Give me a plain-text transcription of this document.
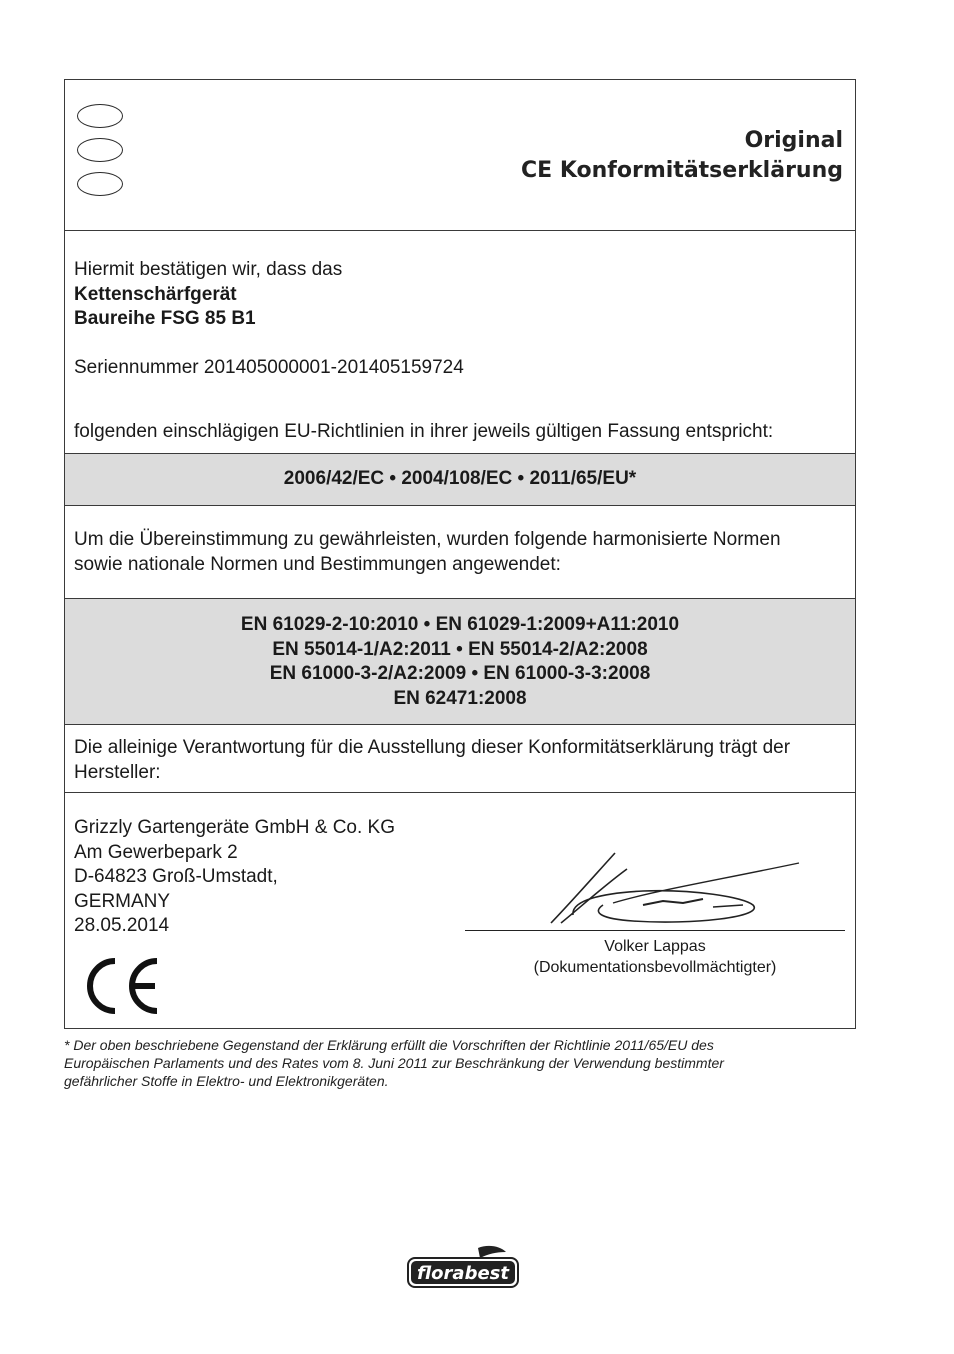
Original
CE Konformitätserklärung
Hiermit bestätigen wir, dass das
Kettenschärfgerät
Baureihe FSG 85 B1
Seriennummer 201405000001-201405159724
folgenden einschlägigen EU-Richtlinien in ihrer jeweils gültigen Fassung entspricht:
2006/42/EC • 2004/108/EC • 2011/65/EU*
Um die Übereinstimmung zu gewährleisten, wurden folgende harmonisierte Normen
sowie nationale Normen und Bestimmungen angewendet:
EN 61029-2-10:2010 • EN 61029-1:2009+A11:2010
EN 55014-1/A2:2011 • EN 55014-2/A2:2008
EN 61000-3-2/A2:2009 • EN 61000-3-3:2008
EN 62471:2008
Die alleinige Verantwortung für die Ausstellung dieser Konformitätserklärung trägt der
Hersteller:
Grizzly Gartengeräte GmbH & Co. KG
Am Gewerbepark 2
D-64823 Groß-Umstadt,
GERMANY
28.05.2014
Volker Lappas
(Dokumentationsbevollmächtigter)
* Der oben beschriebene Gegenstand der Erklärung erfüllt die Vorschriften der Richtlinie 2011/65/EU des
Europäischen Parlaments und des Rates vom 8. Juni 2011 zur Beschränkung der Verwendung bestimmter
gefährlicher Stoffe in Elektro- und Elektronikgeräten.
florabest
